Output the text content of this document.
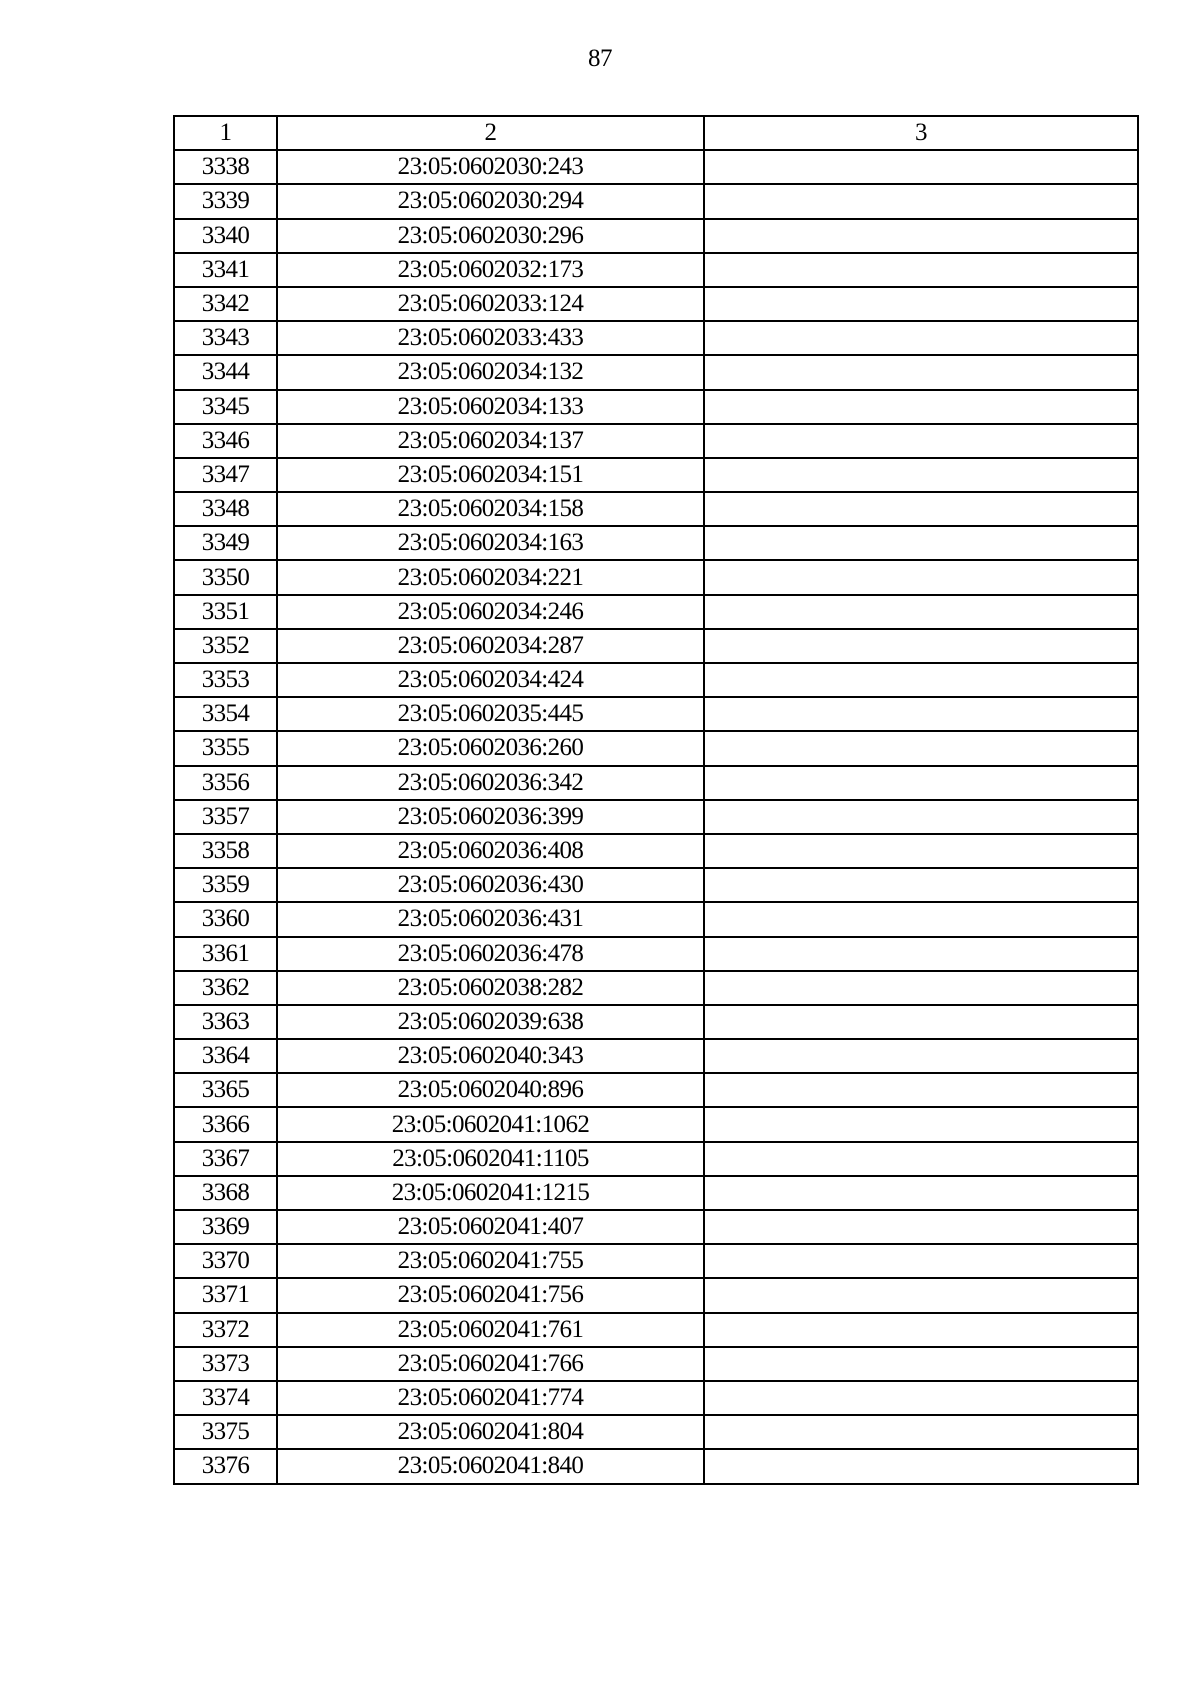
87
1	2	3
3338	23:05:0602030:243	
3339	23:05:0602030:294	
3340	23:05:0602030:296	
3341	23:05:0602032:173	
3342	23:05:0602033:124	
3343	23:05:0602033:433	
3344	23:05:0602034:132	
3345	23:05:0602034:133	
3346	23:05:0602034:137	
3347	23:05:0602034:151	
3348	23:05:0602034:158	
3349	23:05:0602034:163	
3350	23:05:0602034:221	
3351	23:05:0602034:246	
3352	23:05:0602034:287	
3353	23:05:0602034:424	
3354	23:05:0602035:445	
3355	23:05:0602036:260	
3356	23:05:0602036:342	
3357	23:05:0602036:399	
3358	23:05:0602036:408	
3359	23:05:0602036:430	
3360	23:05:0602036:431	
3361	23:05:0602036:478	
3362	23:05:0602038:282	
3363	23:05:0602039:638	
3364	23:05:0602040:343	
3365	23:05:0602040:896	
3366	23:05:0602041:1062	
3367	23:05:0602041:1105	
3368	23:05:0602041:1215	
3369	23:05:0602041:407	
3370	23:05:0602041:755	
3371	23:05:0602041:756	
3372	23:05:0602041:761	
3373	23:05:0602041:766	
3374	23:05:0602041:774	
3375	23:05:0602041:804	
3376	23:05:0602041:840	
